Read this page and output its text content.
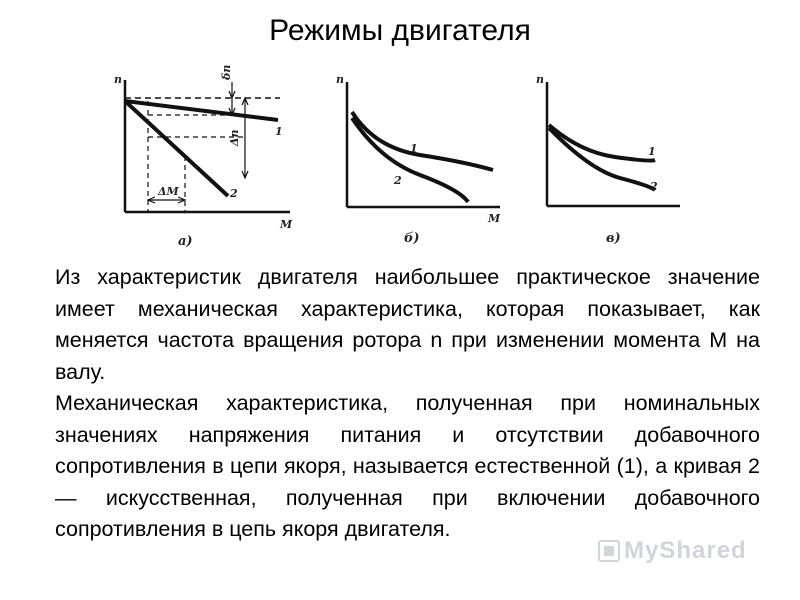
Режимы двигателя
n
M
δn
Δn
ΔM
1
2
а)
n
M
1
2
б)
n
1
2
в)

Из характеристик двигателя наибольшее практическое значение имеет механическая характеристика, которая показывает, как меняется частота вращения ротора n при изменении момента М на валу.

Механическая характеристика, полученная при номинальных значениях напряжения питания и отсутствии добавочного сопротивления в цепи якоря, называется естественной (1), а кривая 2 — искусственная, полученная при включении добавочного сопротивления в цепь якоря двигателя.

MyShared
